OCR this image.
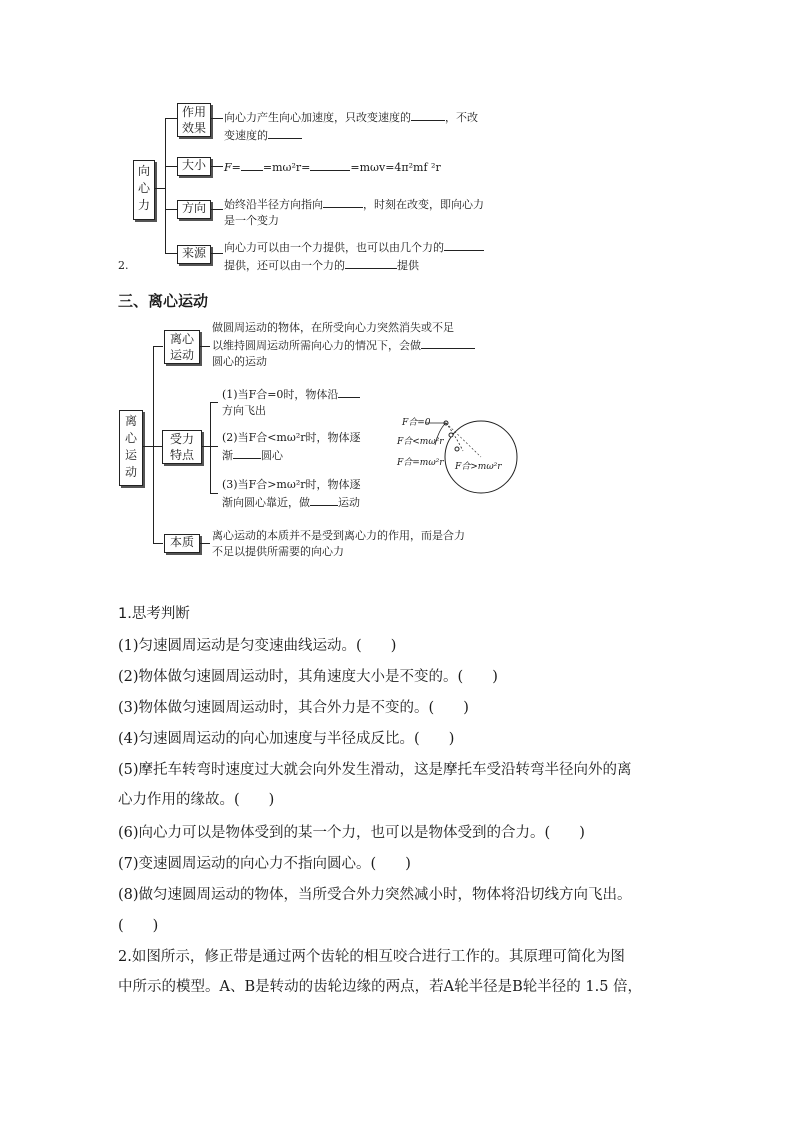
2.
向心力
作用效果
大小
方向
来源
向心力产生向心加速度，只改变速度的	，不改
变速度的
F= =mω²r=	=mωv=4π²mf ²r
始终沿半径方向指向	，时刻在改变，即向心力
是一个变力
向心力可以由一个力提供，也可以由几个力的
提供，还可以由一个力的	提供
三、离心运动
离心运动
离心运动
做圆周运动的物体，在所受向心力突然消失或不足
以维持圆周运动所需向心力的情况下，会做
圆心的运动
受力特点
(1)当F合=0时，物体沿
方向飞出
(2)当F合<mω²r时，物体逐
渐	圆心
(3)当F合>mω²r时，物体逐
渐向圆心靠近，做	运动
F合=0
F合<mω²r
F合=mω²r F合>mω²r
本质	离心运动的本质并不是受到离心力的作用，而是合力
不足以提供所需要的向心力
1.思考判断
(1)匀速圆周运动是匀变速曲线运动。(　　)
(2)物体做匀速圆周运动时，其角速度大小是不变的。(　　)
(3)物体做匀速圆周运动时，其合外力是不变的。(　　)
(4)匀速圆周运动的向心加速度与半径成反比。(　　)
(5)摩托车转弯时速度过大就会向外发生滑动，这是摩托车受沿转弯半径向外的离
心力作用的缘故。(　　)
(6)向心力可以是物体受到的某一个力，也可以是物体受到的合力。(　　)
(7)变速圆周运动的向心力不指向圆心。(　　)
(8)做匀速圆周运动的物体，当所受合外力突然减小时，物体将沿切线方向飞出。
(　　)
2.如图所示，修正带是通过两个齿轮的相互咬合进行工作的。其原理可简化为图
中所示的模型。A、B是转动的齿轮边缘的两点，若A轮半径是B轮半径的 1.5 倍，
